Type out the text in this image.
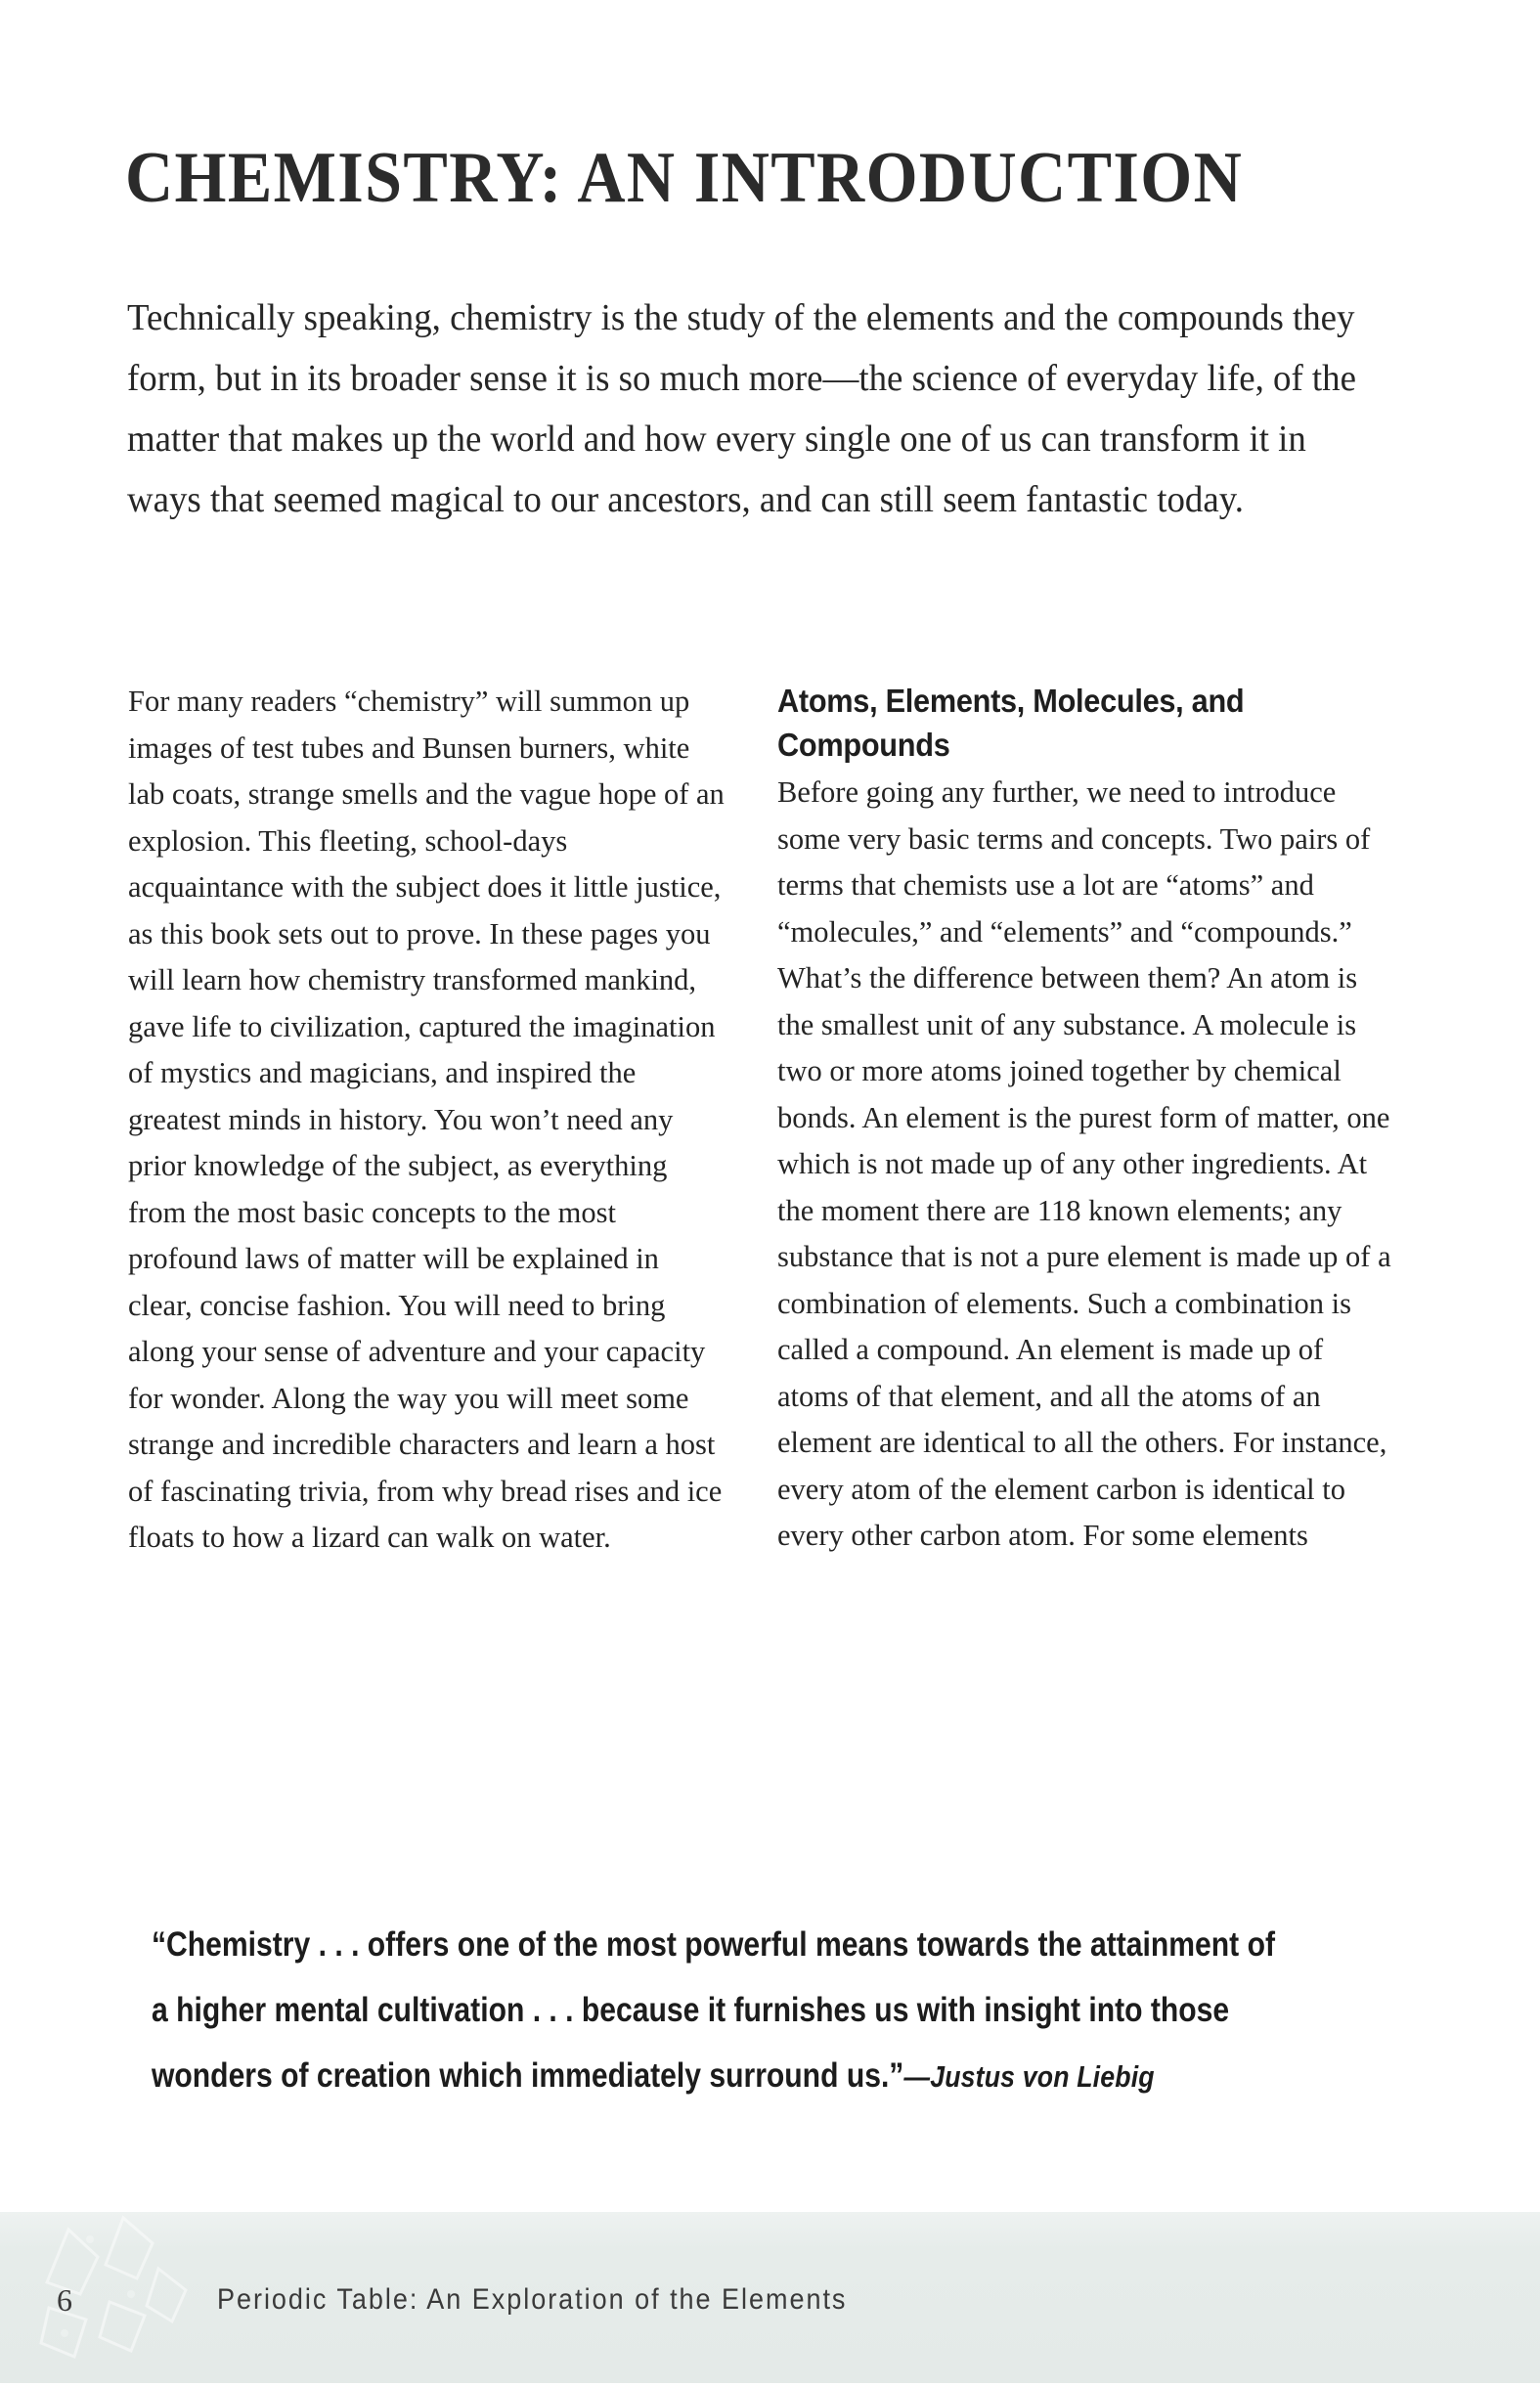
CHEMISTRY: AN INTRODUCTION

Technically speaking, chemistry is the study of the elements and the compounds they form, but in its broader sense it is so much more—the science of everyday life, of the matter that makes up the world and how every single one of us can transform it in ways that seemed magical to our ancestors, and can still seem fantastic today.

For many readers “chemistry” will summon up images of test tubes and Bunsen burners, white lab coats, strange smells and the vague hope of an explosion. This fleeting, school-days acquaintance with the subject does it little justice, as this book sets out to prove. In these pages you will learn how chemistry transformed mankind, gave life to civilization, captured the imagination of mystics and magicians, and inspired the greatest minds in history. You won’t need any prior knowledge of the subject, as everything from the most basic concepts to the most profound laws of matter will be explained in clear, concise fashion. You will need to bring along your sense of adventure and your capacity for wonder. Along the way you will meet some strange and incredible characters and learn a host of fascinating trivia, from why bread rises and ice floats to how a lizard can walk on water.

Atoms, Elements, Molecules, and Compounds

Before going any further, we need to introduce some very basic terms and concepts. Two pairs of terms that chemists use a lot are “atoms” and “molecules,” and “elements” and “compounds.” What’s the difference between them? An atom is the smallest unit of any substance. A molecule is two or more atoms joined together by chemical bonds. An element is the purest form of matter, one which is not made up of any other ingredients. At the moment there are 118 known elements; any substance that is not a pure element is made up of a combination of elements. Such a combination is called a compound. An element is made up of atoms of that element, and all the atoms of an element are identical to all the others. For instance, every atom of the element carbon is identical to every other carbon atom. For some elements

“Chemistry . . . offers one of the most powerful means towards the attainment of a higher mental cultivation . . . because it furnishes us with insight into those wonders of creation which immediately surround us.”—Justus von Liebig
6	Periodic Table: An Exploration of the Elements
